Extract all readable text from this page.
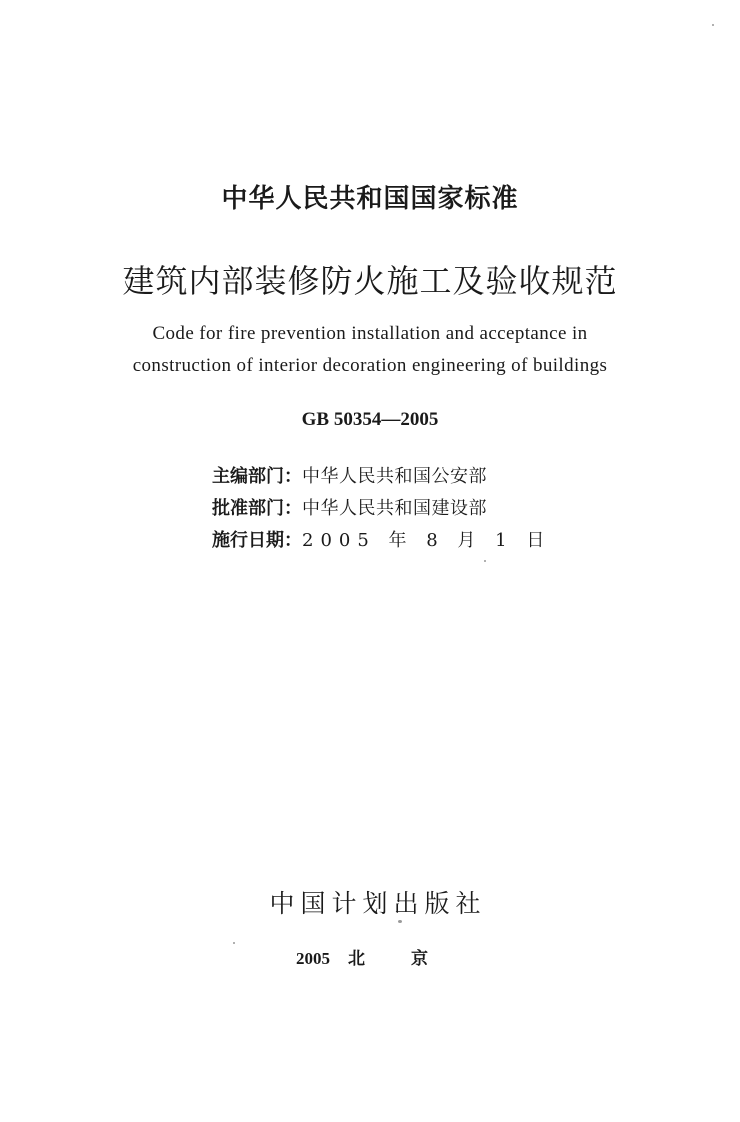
中华人民共和国国家标准
建筑内部装修防火施工及验收规范
Code for fire prevention installation and acceptance in
construction of interior decoration engineering of buildings
GB 50354—2005
主编部门：中华人民共和国公安部
批准部门：中华人民共和国建设部
施行日期：2005 年 8 月 1 日
中国计划出版社
2005 北京
